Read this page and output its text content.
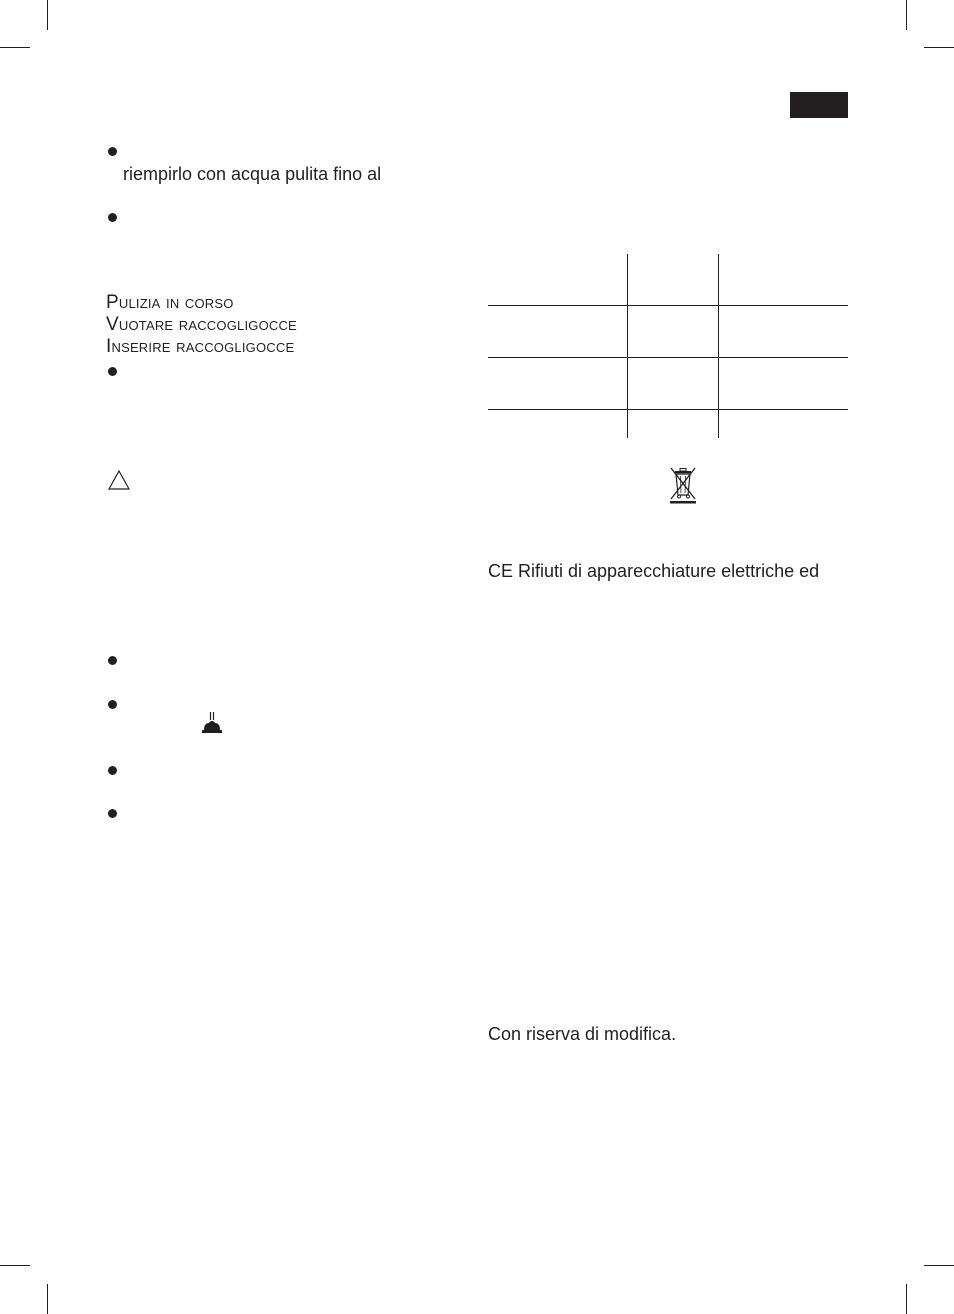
riempirlo con acqua pulita fino al
Pulizia in corso
Vuotare raccogligocce
Inserire raccogligocce
CE Rifiuti di apparecchiature elettriche ed
Con riserva di modifica.
